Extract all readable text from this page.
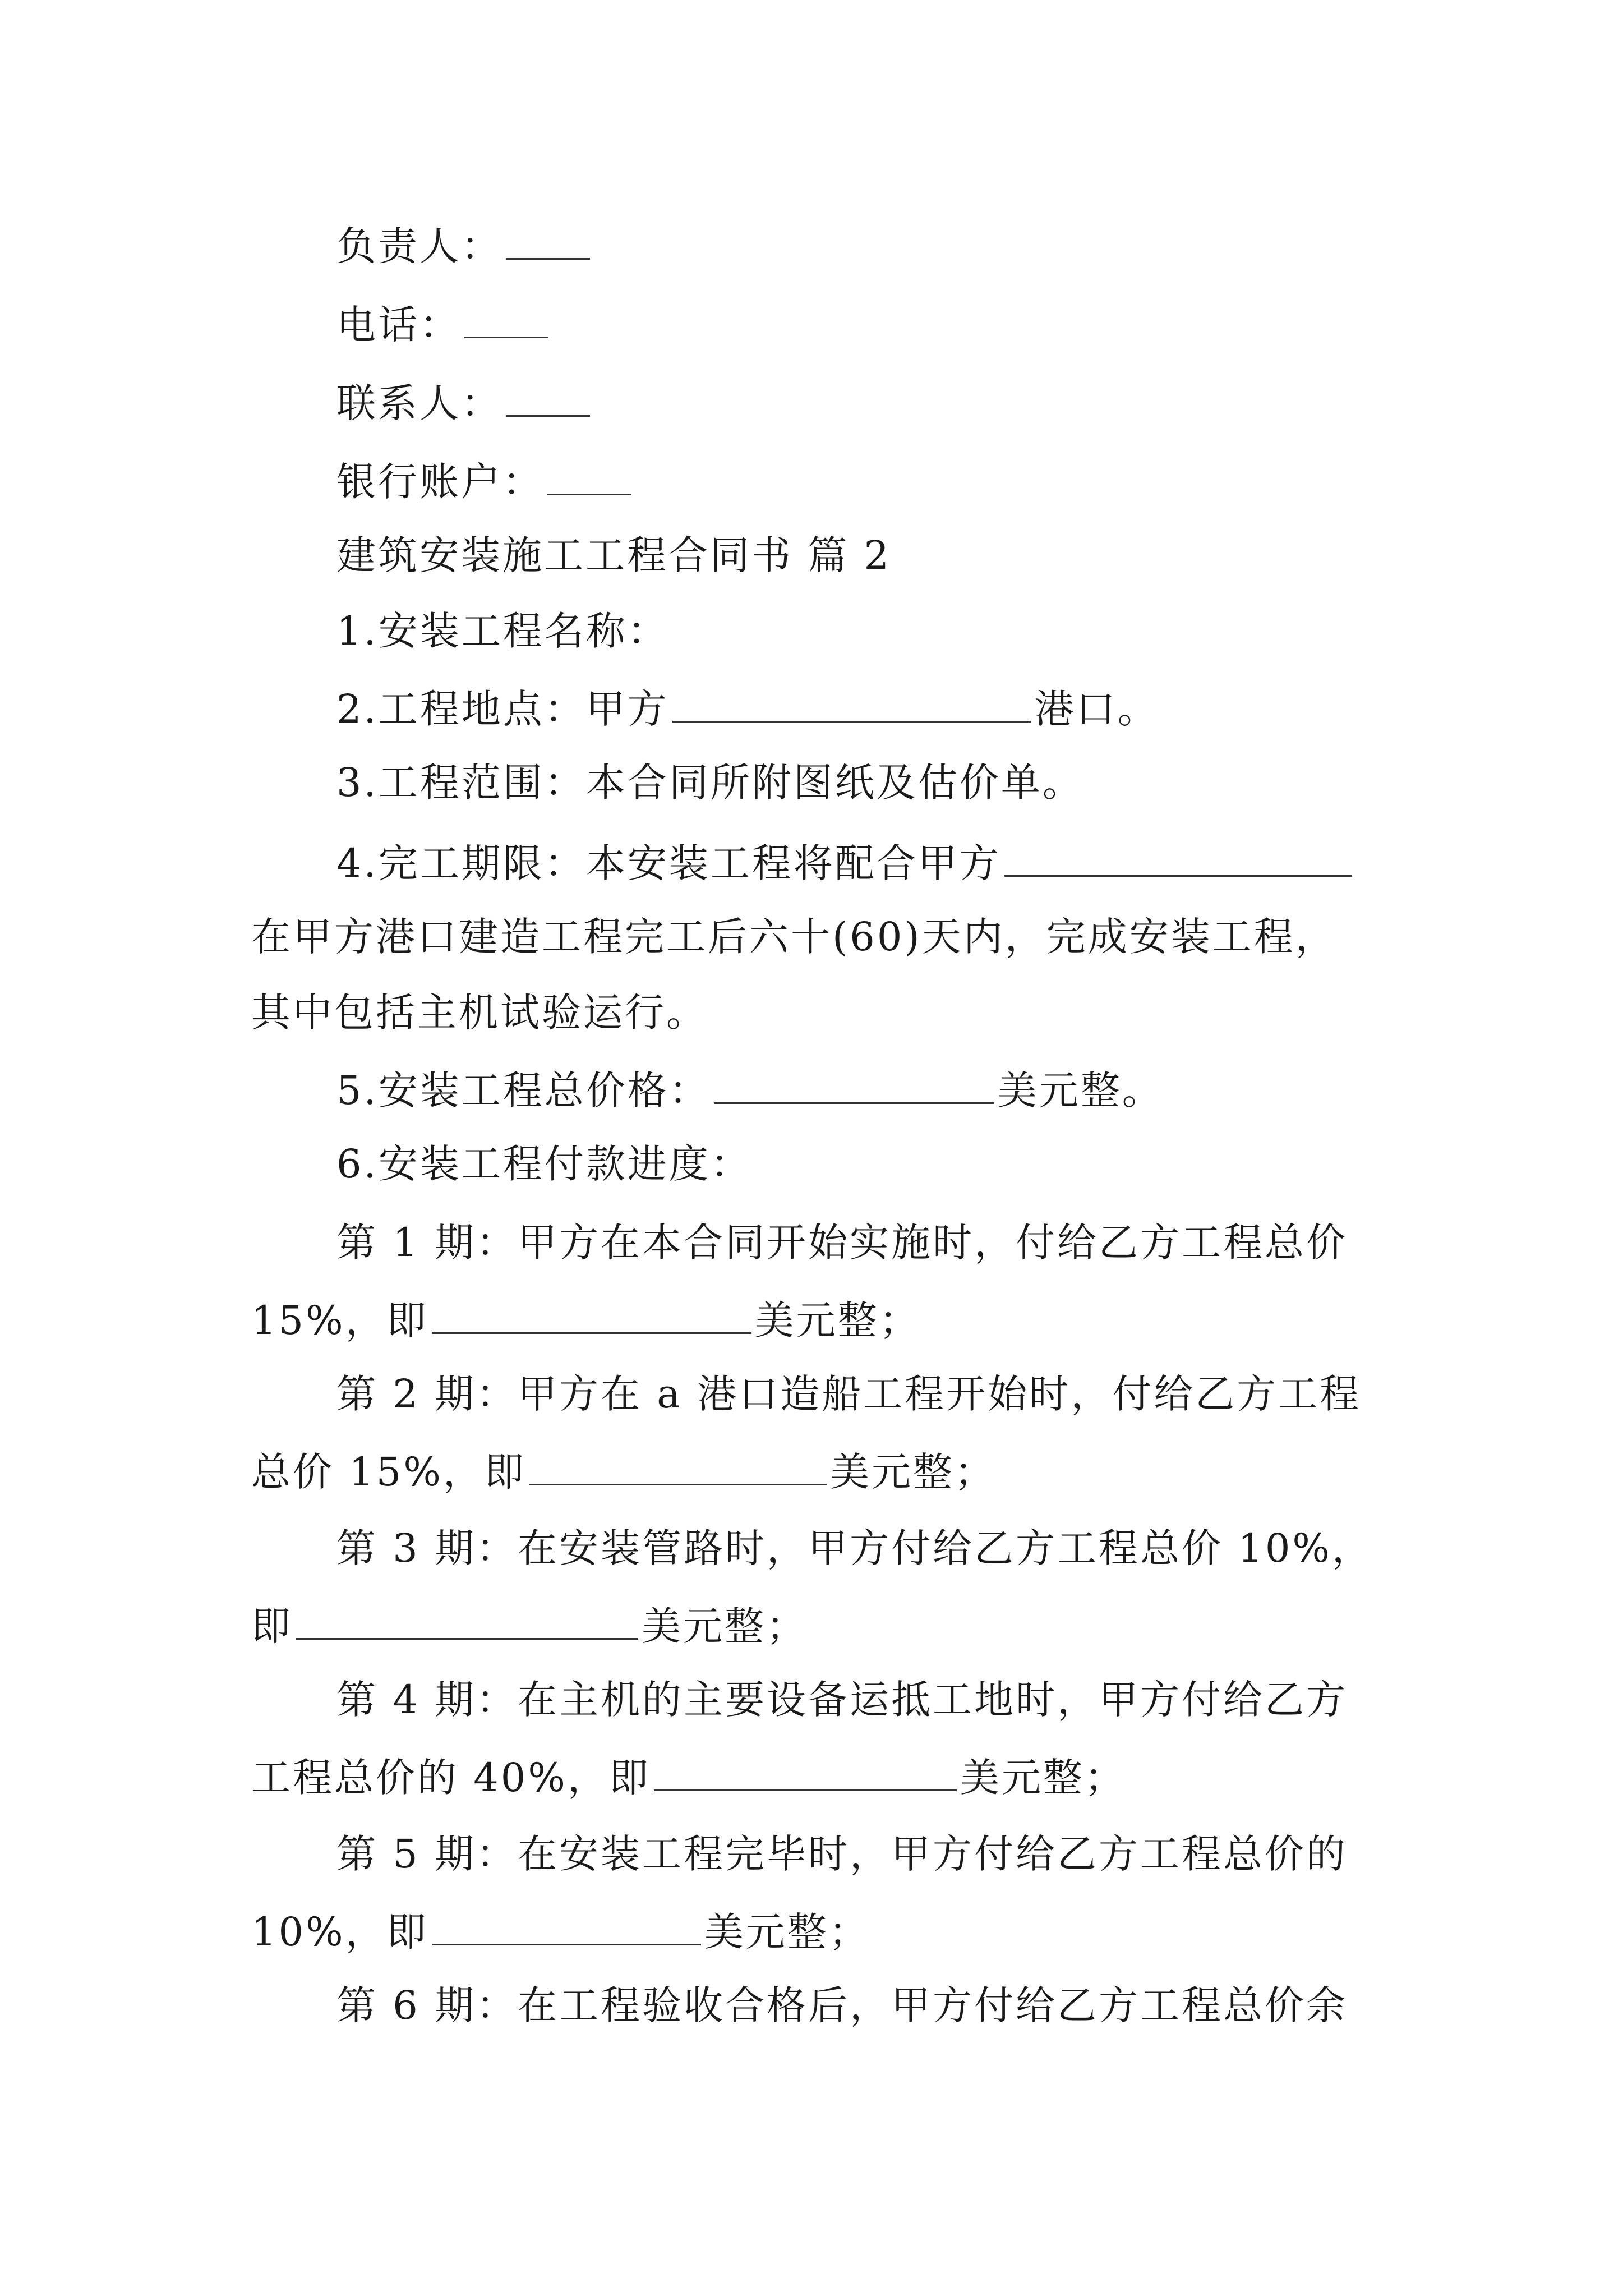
负责人：
电话：
联系人：
银行账户：
建筑安装施工工程合同书 篇 2
1.安装工程名称：
2.工程地点：甲方	港口。
3.工程范围：本合同所附图纸及估价单。
4.完工期限：本安装工程将配合甲方
在甲方港口建造工程完工后六十(60)天内，完成安装工程，
其中包括主机试验运行。
5.安装工程总价格：	美元整。
6.安装工程付款进度：
第 1 期：甲方在本合同开始实施时，付给乙方工程总价
15%，即	美元整；
第 2 期：甲方在 a 港口造船工程开始时，付给乙方工程
总价 15%，即	美元整；
第 3 期：在安装管路时，甲方付给乙方工程总价 10%，
即	美元整；
第 4 期：在主机的主要设备运抵工地时，甲方付给乙方
工程总价的 40%，即	美元整；
第 5 期：在安装工程完毕时，甲方付给乙方工程总价的
10%，即	美元整；
第 6 期：在工程验收合格后，甲方付给乙方工程总价余
